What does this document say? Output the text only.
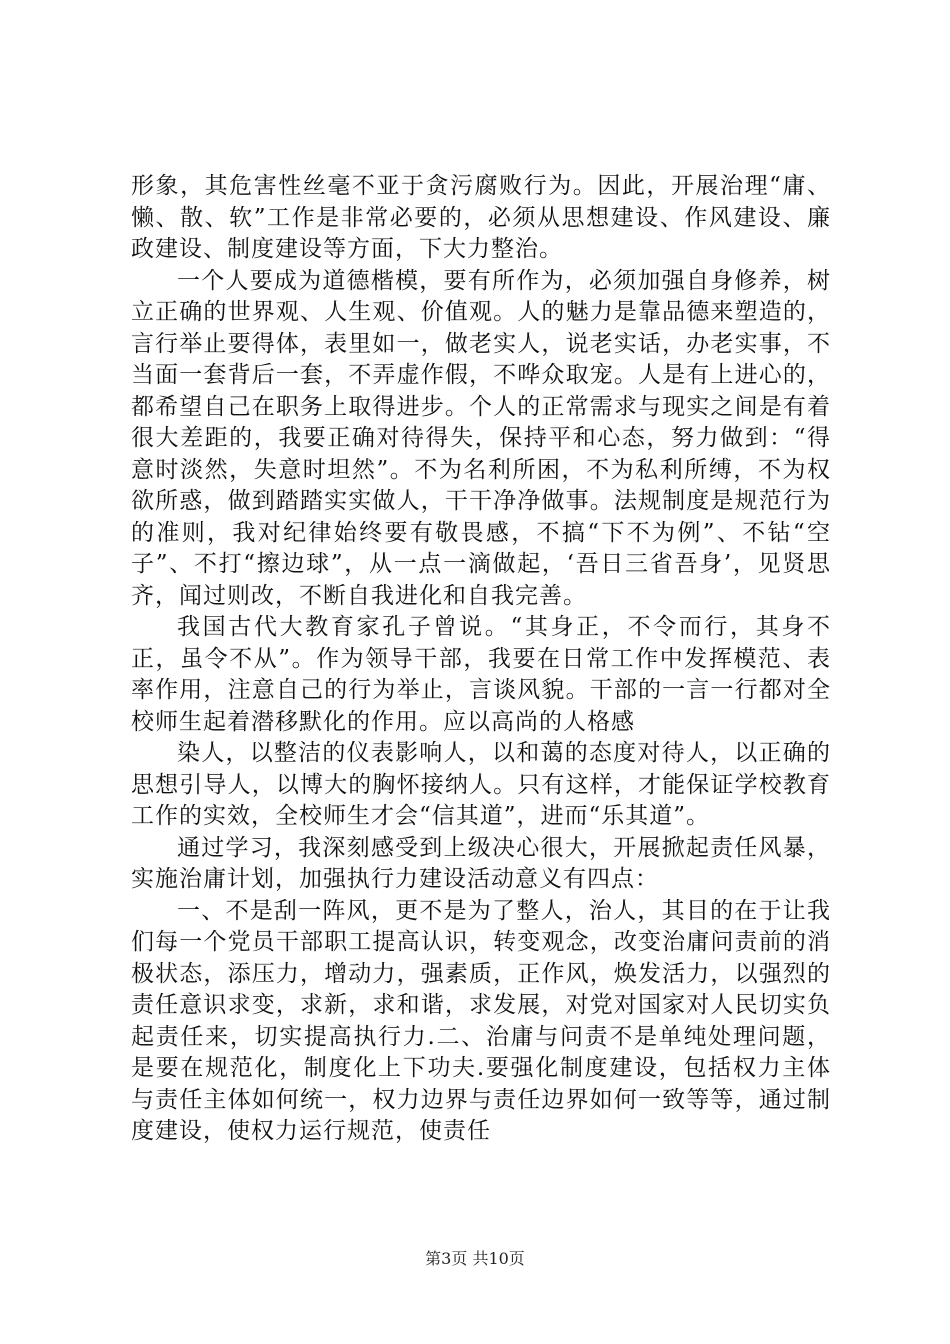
形象，其危害性丝毫不亚于贪污腐败行为。因此，开展治理“庸、懒、散、软”工作是非常必要的，必须从思想建设、作风建设、廉政建设、制度建设等方面，下大力整治。

一个人要成为道德楷模，要有所作为，必须加强自身修养，树立正确的世界观、人生观、价值观。人的魅力是靠品德来塑造的，言行举止要得体，表里如一，做老实人，说老实话，办老实事，不当面一套背后一套，不弄虚作假，不哗众取宠。人是有上进心的，都希望自己在职务上取得进步。个人的正常需求与现实之间是有着很大差距的，我要正确对待得失，保持平和心态，努力做到：“得意时淡然，失意时坦然”。不为名利所困，不为私利所缚，不为权欲所惑，做到踏踏实实做人，干干净净做事。法规制度是规范行为的准则，我对纪律始终要有敬畏感，不搞“下不为例”、不钻“空子”、不打“擦边球”，从一点一滴做起，‘吾日三省吾身’，见贤思齐，闻过则改，不断自我进化和自我完善。

我国古代大教育家孔子曾说。“其身正，不令而行，其身不正，虽令不从”。作为领导干部，我要在日常工作中发挥模范、表率作用，注意自己的行为举止，言谈风貌。干部的一言一行都对全校师生起着潜移默化的作用。应以高尚的人格感

染人，以整洁的仪表影响人，以和蔼的态度对待人，以正确的思想引导人，以博大的胸怀接纳人。只有这样，才能保证学校教育工作的实效，全校师生才会“信其道”，进而“乐其道”。

通过学习，我深刻感受到上级决心很大，开展掀起责任风暴，实施治庸计划，加强执行力建设活动意义有四点：

一、不是刮一阵风，更不是为了整人，治人，其目的在于让我们每一个党员干部职工提高认识，转变观念，改变治庸问责前的消极状态，添压力，增动力，强素质，正作风，焕发活力，以强烈的责任意识求变，求新，求和谐，求发展，对党对国家对人民切实负起责任来，切实提高执行力.二、治庸与问责不是单纯处理问题，是要在规范化，制度化上下功夫.要强化制度建设，包括权力主体与责任主体如何统一，权力边界与责任边界如何一致等等，通过制度建设，使权力运行规范，使责任

第3页 共10页
